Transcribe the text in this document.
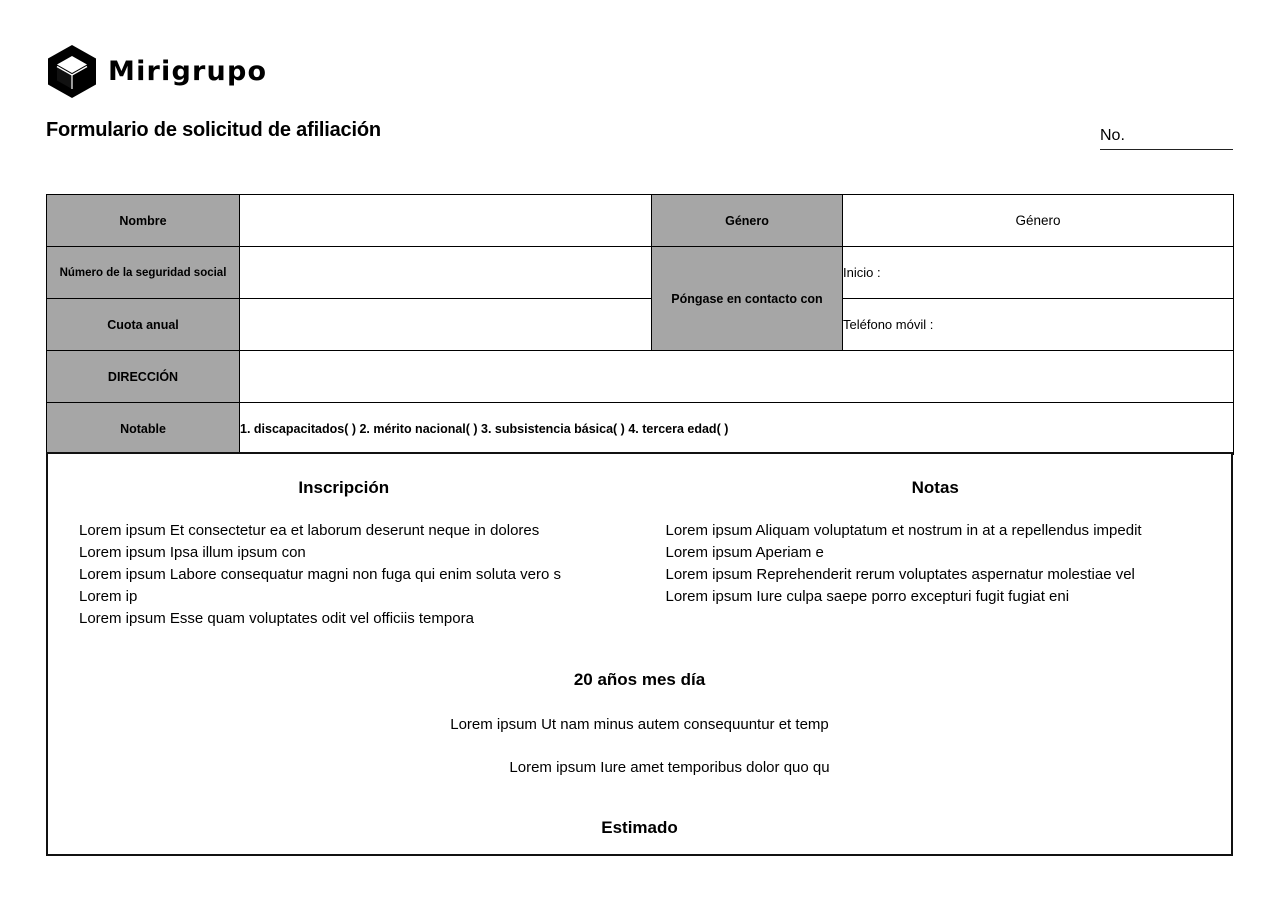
Mirigrupo
Formulario de solicitud de afiliación	No.
Nombre		Género	Género
Número de la seguridad social		Póngase en contacto con	Inicio :
Cuota anual			Teléfono móvil :
DIRECCIÓN			
Notable	1. discapacitados( ) 2. mérito nacional( ) 3. subsistencia básica( ) 4. tercera edad( )		
Inscripción
Lorem ipsum Et consectetur ea et laborum deserunt neque in dolores
Lorem ipsum Ipsa illum ipsum con
Lorem ipsum Labore consequatur magni non fuga qui enim soluta vero s
Lorem ip
Lorem ipsum Esse quam voluptates odit vel officiis tempora
Notas
Lorem ipsum Aliquam voluptatum et nostrum in at a repellendus impedit
Lorem ipsum Aperiam e
Lorem ipsum Reprehenderit rerum voluptates aspernatur molestiae vel
Lorem ipsum Iure culpa saepe porro excepturi fugit fugiat eni
20 años mes día
Lorem ipsum Ut nam minus autem consequuntur et temp
Lorem ipsum Iure amet temporibus dolor quo qu
Estimado
